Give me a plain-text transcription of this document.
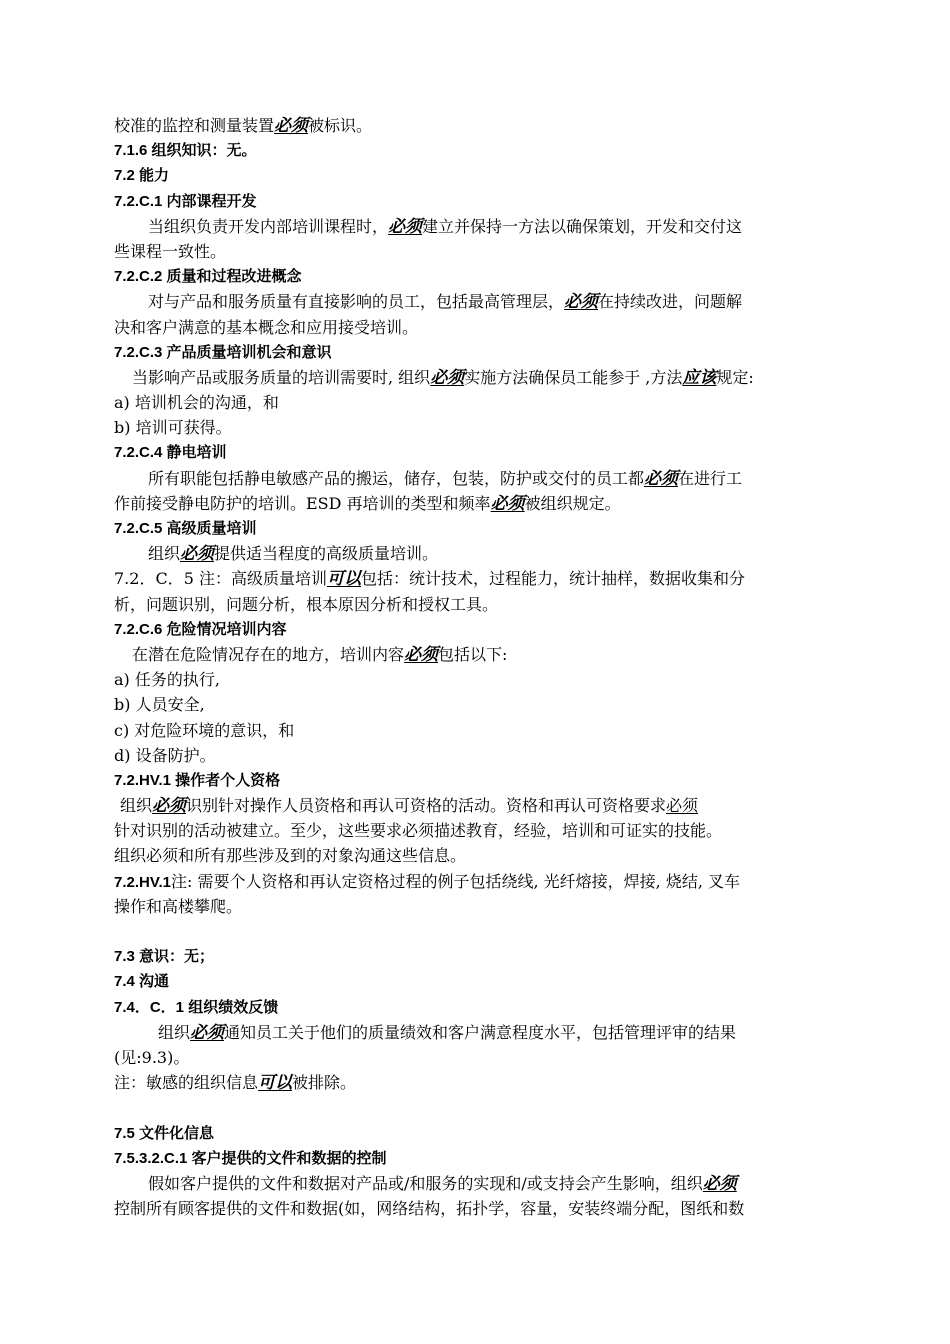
校准的监控和测量装置必须被标识。
7.1.6 组织知识：无。
7.2 能力
7.2.C.1 内部课程开发
当组织负责开发内部培训课程时，必须建立并保持一方法以确保策划，开发和交付这
些课程一致性。
7.2.C.2 质量和过程改进概念
对与产品和服务质量有直接影响的员工，包括最高管理层，必须在持续改进，问题解
决和客户满意的基本概念和应用接受培训。
7.2.C.3 产品质量培训机会和意识
当影响产品或服务质量的培训需要时, 组织必须实施方法确保员工能参于 ,方法应该规定:
a) 培训机会的沟通，和
b) 培训可获得。
7.2.C.4 静电培训
所有职能包括静电敏感产品的搬运，储存，包装，防护或交付的员工都必须在进行工
作前接受静电防护的培训。ESD 再培训的类型和频率必须被组织规定。
7.2.C.5 高级质量培训
组织必须提供适当程度的高级质量培训。
7.2．C．5 注：高级质量培训可以包括：统计技术，过程能力，统计抽样，数据收集和分
析，问题识别，问题分析，根本原因分析和授权工具。
7.2.C.6 危险情况培训内容
在潜在危险情况存在的地方，培训内容必须包括以下:
a) 任务的执行,
b) 人员安全,
c) 对危险环境的意识，和
d) 设备防护。
7.2.HV.1 操作者个人资格
组织必须识别针对操作人员资格和再认可资格的活动。资格和再认可资格要求必须
针对识别的活动被建立。至少，这些要求必须描述教育，经验，培训和可证实的技能。
组织必须和所有那些涉及到的对象沟通这些信息。
7.2.HV.1注: 需要个人资格和再认定资格过程的例子包括绕线, 光纤熔接，焊接, 烧结, 叉车
操作和高楼攀爬。
7.3 意识：无；
7.4 沟通
7.4．C．1 组织绩效反馈
组织必须通知员工关于他们的质量绩效和客户满意程度水平，包括管理评审的结果
(见:9.3)。
注：敏感的组织信息可以被排除。
7.5 文件化信息
7.5.3.2.C.1 客户提供的文件和数据的控制
假如客户提供的文件和数据对产品或/和服务的实现和/或支持会产生影响，组织必须
控制所有顾客提供的文件和数据(如，网络结构，拓扑学，容量，安装终端分配，图纸和数
